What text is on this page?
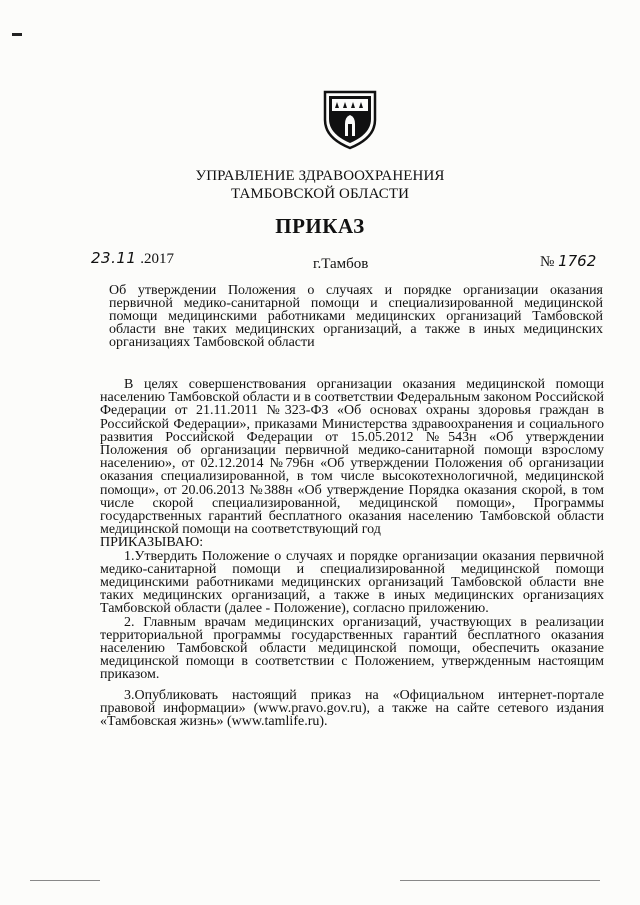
УПРАВЛЕНИЕ ЗДРАВООХРАНЕНИЯ
ТАМБОВСКОЙ ОБЛАСТИ
ПРИКАЗ
23.11 .2017	г.Тамбов	№ 1762
Об утверждении Положения о случаях и порядке организации оказания первичной медико-санитарной помощи и специализированной медицинской помощи медицинскими работниками медицинских организаций Тамбовской области вне таких медицинских организаций, а также в иных медицинских организациях Тамбовской области

В целях совершенствования организации оказания медицинской помощи населению Тамбовской области и в соответствии Федеральным законом Российской Федерации от 21.11.2011 №323-ФЗ «Об основах охраны здоровья граждан в Российской Федерации», приказами Министерства здравоохранения и социального развития Российской Федерации от 15.05.2012 №543н «Об утверждении Положения об организации первичной медико-санитарной помощи взрослому населению», от 02.12.2014 №796н «Об утверждении Положения об организации оказания специализированной, в том числе высокотехнологичной, медицинской помощи», от 20.06.2013 №388н «Об утверждение Порядка оказания скорой, в том числе скорой специализированной, медицинской помощи», Программы государственных гарантий бесплатного оказания населению Тамбовской области медицинской помощи на соответствующий год

ПРИКАЗЫВАЮ:

1.Утвердить Положение о случаях и порядке организации оказания первичной медико-санитарной помощи и специализированной медицинской помощи медицинскими работниками медицинских организаций Тамбовской области вне таких медицинских организаций, а также в иных медицинских организациях Тамбовской области (далее - Положение), согласно приложению.

2. Главным врачам медицинских организаций, участвующих в реализации территориальной программы государственных гарантий бесплатного оказания населению Тамбовской области медицинской помощи, обеспечить оказание медицинской помощи в соответствии с Положением, утвержденным настоящим приказом.

3.Опубликовать настоящий приказ на «Официальном интернет-портале правовой информации» (www.pravo.gov.ru), а также на сайте сетевого издания «Тамбовская жизнь» (www.tamlife.ru).
